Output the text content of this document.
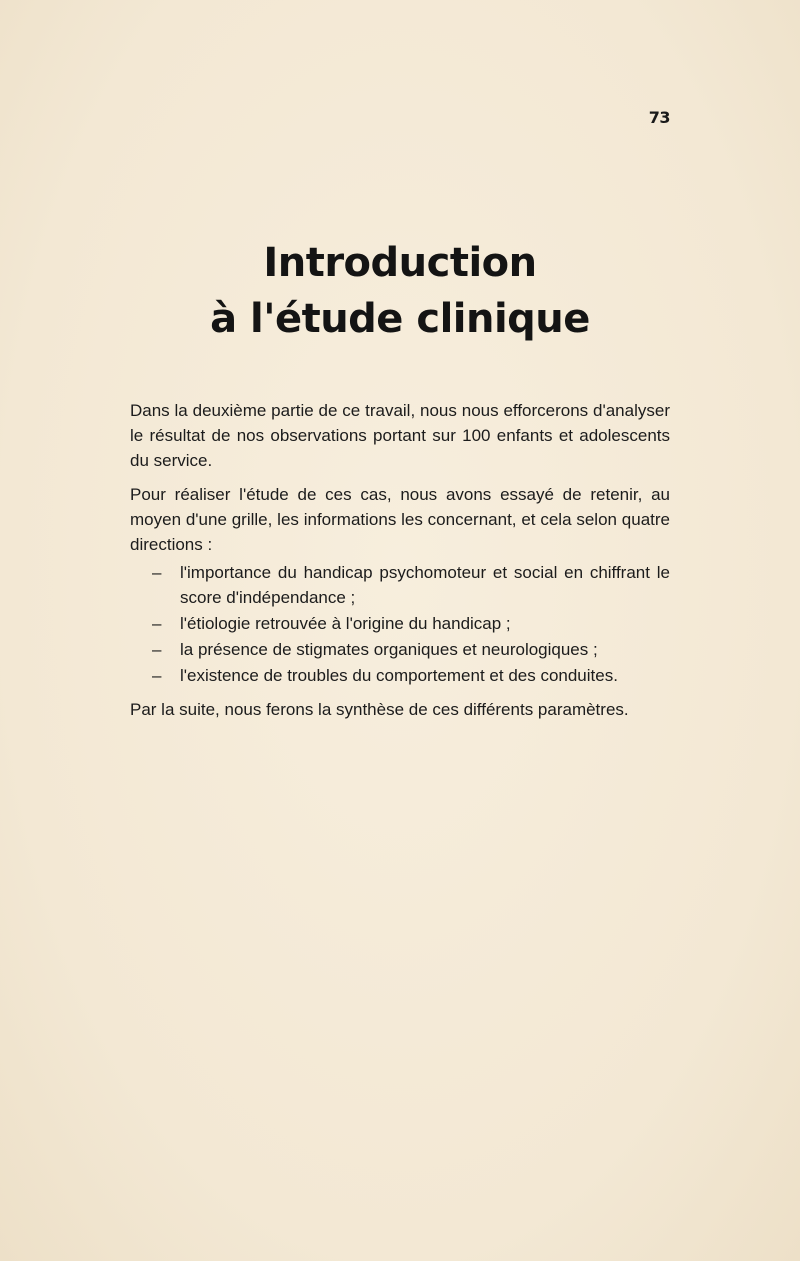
73
Introduction
à l'étude clinique

Dans la deuxième partie de ce travail, nous nous efforcerons d'analyser le résultat de nos observations portant sur 100 enfants et adolescents du service.

Pour réaliser l'étude de ces cas, nous avons essayé de retenir, au moyen d'une grille, les informations les concernant, et cela selon quatre directions :

– l'importance du handicap psychomoteur et social en chiffrant le score d'indépendance ;
– l'étiologie retrouvée à l'origine du handicap ;
– la présence de stigmates organiques et neurologiques ;
– l'existence de troubles du comportement et des conduites.

Par la suite, nous ferons la synthèse de ces différents paramètres.
